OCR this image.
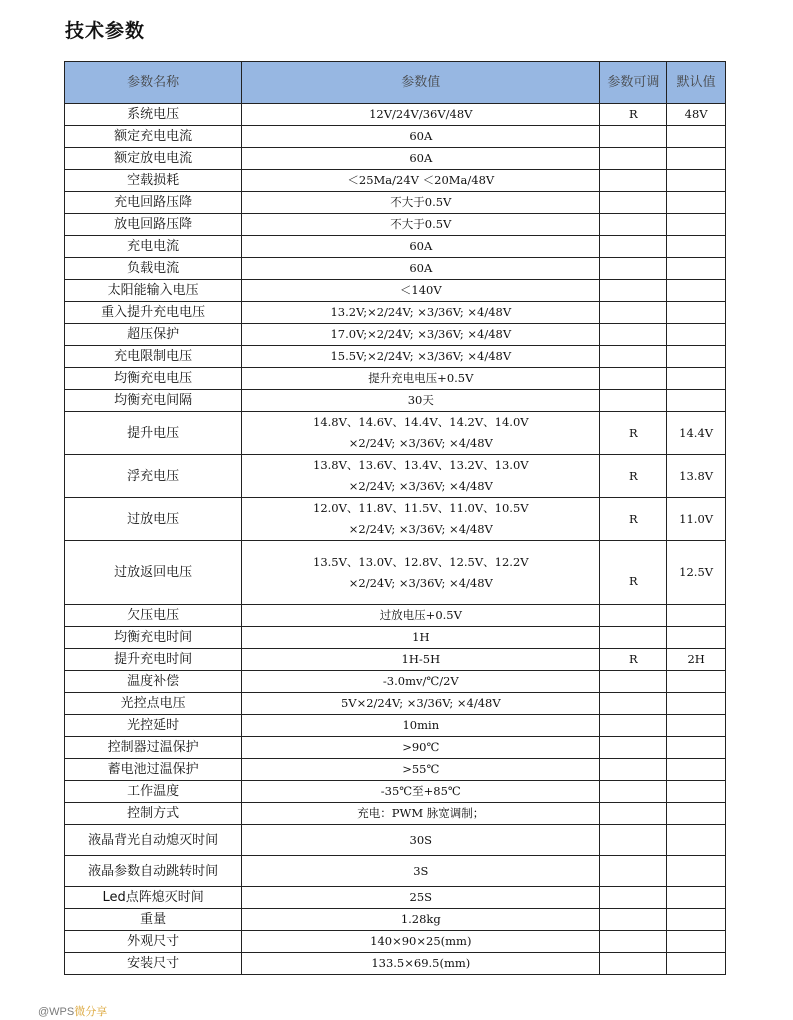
技术参数
参数名称	参数值	参数可调	默认值
系统电压	12V/24V/36V/48V	R	48V
额定充电电流	60A		

额定放电电流	60A		

空载损耗	＜25Ma/24V ＜20Ma/48V		

充电回路压降	不大于0.5V		

放电回路压降	不大于0.5V		

充电电流	60A		

负载电流	60A		

太阳能输入电压	＜140V		

重入提升充电电压	13.2V;×2/24V; ×3/36V; ×4/48V		

超压保护	17.0V;×2/24V; ×3/36V; ×4/48V		

充电限制电压	15.5V;×2/24V; ×3/36V; ×4/48V		

均衡充电电压	提升充电电压+0.5V		

均衡充电间隔	30天		

提升电压	14.8V、14.6V、14.4V、14.2V、14.0V
×2/24V; ×3/36V; ×4/48V	R	14.4V
浮充电压	13.8V、13.6V、13.4V、13.2V、13.0V
×2/24V; ×3/36V; ×4/48V	R	13.8V
过放电压	12.0V、11.8V、11.5V、11.0V、10.5V
×2/24V; ×3/36V; ×4/48V	R	11.0V
过放返回电压	13.5V、13.0V、12.8V、12.5V、12.2V
×2/24V; ×3/36V; ×4/48V	R	12.5V
欠压电压	过放电压+0.5V		

均衡充电时间	1H		

提升充电时间	1H-5H	R	2H
温度补偿	-3.0mv/℃/2V		

光控点电压	5V×2/24V; ×3/36V; ×4/48V		

光控延时	10min		

控制器过温保护	>90℃		

蓄电池过温保护	>55℃		

工作温度	-35℃至+85℃		

控制方式	充电：PWM 脉宽调制；		

液晶背光自动熄灭时间	30S		

液晶参数自动跳转时间	3S		

Led点阵熄灭时间	25S		

重量	1.28kg		

外观尺寸	140×90×25(mm)		

安装尺寸	133.5×69.5(mm)		

@WPS微分享
